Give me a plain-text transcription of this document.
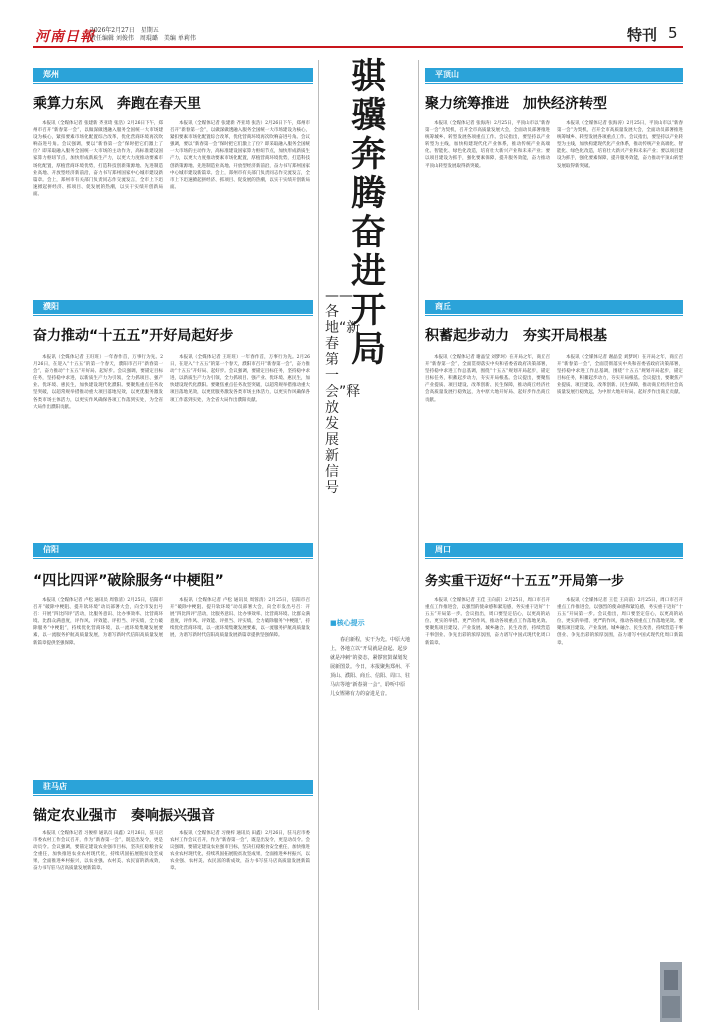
河南日報
2026年2月27日　星期五
责任编辑 刘俊伟　周琨璐　美编 单莉伟	特刊 5
郑州
乘算力东风　奔跑在春天里

本报讯（全媒体记者 张建新 齐亚琦 张浩）2月26日下午，郑州市召开“新春第一会”，以做深做透融入服务全国统一大市场建设为核心，紧扣要素市场化配置综合改革，优化营商环境再次吹响奋进号角。会议强调，要以“新春第一会”保时把它们激上了位？即采取融入服务全国统一大市场的主动作为，高标准建设国家算力枢纽节点，加快形成新质生产力，以更大力度推动要素市场化配置，厚植营商环境优势，打造科技创新策源地、先进制造业高地、开放型经济新前沿，奋力书写郑州国家中心城市建设新篇章。会上，郑州市有关部门负责同志作交流发言，全市上下迅速掀起拼经济、抓项目、促发展的热潮，以实干实绩开创新局面。

本报讯（全媒体记者 张建新 齐亚琦 张浩）2月26日下午，郑州市召开“新春第一会”，以做深做透融入服务全国统一大市场建设为核心，紧扣要素市场化配置综合改革，优化营商环境再次吹响奋进号角。会议强调，要以“新春第一会”保时把它们激上了位？即采取融入服务全国统一大市场的主动作为，高标准建设国家算力枢纽节点，加快形成新质生产力，以更大力度推动要素市场化配置，厚植营商环境优势，打造科技创新策源地、先进制造业高地、开放型经济新前沿，奋力书写郑州国家中心城市建设新篇章。会上，郑州市有关部门负责同志作交流发言，全市上下迅速掀起拼经济、抓项目、促发展的热潮，以实干实绩开创新局面。

濮阳
奋力推动“十五五”开好局起好步

本报讯（全媒体记者 王旺旺）一年春作首，万事行为先。2月26日，在迎入“十五五”的第一个春天，濮阳市召开“新春第一会”，奋力推动“十五五”开好局、起好步。会议强调，要锚定目标任务，坚持稳中求进，以新质生产力为引领，全力抓项目、强产业、优环境、惠民生，加快建设现代化濮阳。要聚焦重点任务攻坚突破，以超常规举措推动重大项目落地见效，以更优服务激发各类市场主体活力，以更实作风确保各项工作落到实处，为全省大局作出濮阳贡献。

本报讯（全媒体记者 王旺旺）一年春作首，万事行为先。2月26日，在迎入“十五五”的第一个春天，濮阳市召开“新春第一会”，奋力推动“十五五”开好局、起好步。会议强调，要锚定目标任务，坚持稳中求进，以新质生产力为引领，全力抓项目、强产业、优环境、惠民生，加快建设现代化濮阳。要聚焦重点任务攻坚突破，以超常规举措推动重大项目落地见效，以更优服务激发各类市场主体活力，以更实作风确保各项工作落到实处，为全省大局作出濮阳贡献。

信阳
“四比四评”破除服务“中梗阻”

本报讯（全媒体记者 卢松 通讯员 周蓉清）2月25日，信阳市召开“破除中梗阻、提升软环境”动员部署大会，向全市发出号召：开展“四比四评”活动，比服务意识、比办事效率、比营商环境、比群众满意度，评作风、评效能、评担当、评实绩，全力破除服务“中梗阻”，持续优化营商环境，以一流环境集聚发展要素，以一流服务护航高质量发展，为谱写新时代信阳高质量发展新篇章提供坚强保障。

本报讯（全媒体记者 卢松 通讯员 周蓉清）2月25日，信阳市召开“破除中梗阻、提升软环境”动员部署大会，向全市发出号召：开展“四比四评”活动，比服务意识、比办事效率、比营商环境、比群众满意度，评作风、评效能、评担当、评实绩，全力破除服务“中梗阻”，持续优化营商环境，以一流环境集聚发展要素，以一流服务护航高质量发展，为谱写新时代信阳高质量发展新篇章提供坚强保障。

驻马店
锚定农业强市　奏响振兴强音

本报讯（全媒体记者 习俊梓 通讯员 田鑫）2月26日，驻马店市委农村工作会议召开，作为“新春第一会”，既是出发令，更是动员令。会议强调，要锚定建设农业强市目标，坚决扛稳粮食安全重任，加快推进农业农村现代化，持续巩固拓展脱贫攻坚成果，全面推进乡村振兴，以农业强、农村美、农民富的新成效，奋力书写驻马店高质量发展新篇章。

本报讯（全媒体记者 习俊梓 通讯员 田鑫）2月26日，驻马店市委农村工作会议召开，作为“新春第一会”，既是出发令，更是动员令。会议强调，要锚定建设农业强市目标，坚决扛稳粮食安全重任，加快推进农业农村现代化，持续巩固拓展脱贫攻坚成果，全面推进乡村振兴，以农业强、农村美、农民富的新成效，奋力书写驻马店高质量发展新篇章。

骐骥奔腾　奋进开局
——各地“新春第一会”释放发展新信号
■核心提示
春启新程，实干为先。中原大地上，各地立以“开局就是奋起、起步就是冲刺”的姿态，紧锣密鼓谋划发展新图景。今日，本报聚焦郑州、平顶山、濮阳、商丘、信阳、周口、驻马店等地“新春第一会”，聆听中原儿女铿锵有力的奋进足音。
平顶山
聚力统筹推进　加快经济转型

本报讯（全媒体记者 张海涛）2月25日，平顶山市以“新春第一会”为契机，召开全市高质量发展大会，全面动员部署推进统筹城乡、转型发展各项重点工作。会议指出，要坚持以产业转型为主线，加快构建现代化产业体系，推动传统产业高端化、智能化、绿色化改造，培育壮大新兴产业和未来产业；要以项目建设为抓手，强化要素保障，提升服务效能，奋力推动平顶山转型发展取得新突破。

本报讯（全媒体记者 张海涛）2月25日，平顶山市以“新春第一会”为契机，召开全市高质量发展大会，全面动员部署推进统筹城乡、转型发展各项重点工作。会议指出，要坚持以产业转型为主线，加快构建现代化产业体系，推动传统产业高端化、智能化、绿色化改造，培育壮大新兴产业和未来产业；要以项目建设为抓手，强化要素保障，提升服务效能，奋力推动平顶山转型发展取得新突破。

商丘
积蓄起步动力　夯实开局根基

本报讯（全媒体记者 谢晶莹 刘梦珂）在开局之年，商丘召开“新春第一会”，全面贯彻落实中央和省委省政府决策部署，坚持稳中求进工作总基调，围绕“十五五”规划开局起步，锚定目标任务，积蓄起步动力，夯实开局根基。会议提出，要聚焦产业提质、项目建设、改革创新、民生保障，推动商丘经济社会高质量发展行稳致远，为中原大地开好局、起好步作出商丘贡献。

本报讯（全媒体记者 谢晶莹 刘梦珂）在开局之年，商丘召开“新春第一会”，全面贯彻落实中央和省委省政府决策部署，坚持稳中求进工作总基调，围绕“十五五”规划开局起步，锚定目标任务，积蓄起步动力，夯实开局根基。会议提出，要聚焦产业提质、项目建设、改革创新、民生保障，推动商丘经济社会高质量发展行稳致远，为中原大地开好局、起好步作出商丘贡献。

周口
务实重干迈好“十五五”开局第一步

本报讯（全媒体记者 王佳 王向前）2月25日，周口市召开重点工作推进会，以强烈的使命感和紧迫感，务实重干迈好“十五五”开局第一步。会议指出，周口要坚定信心，以更高的站位、更实的举措、更严的作风，推动各项重点工作落地见效。要聚焦项目建设、产业发展、城乡融合、民生改善，持续营造干事创业、争先出彩的浓厚氛围，奋力谱写中国式现代化周口新篇章。

本报讯（全媒体记者 王佳 王向前）2月25日，周口市召开重点工作推进会，以强烈的使命感和紧迫感，务实重干迈好“十五五”开局第一步。会议指出，周口要坚定信心，以更高的站位、更实的举措、更严的作风，推动各项重点工作落地见效。要聚焦项目建设、产业发展、城乡融合、民生改善，持续营造干事创业、争先出彩的浓厚氛围，奋力谱写中国式现代化周口新篇章。
